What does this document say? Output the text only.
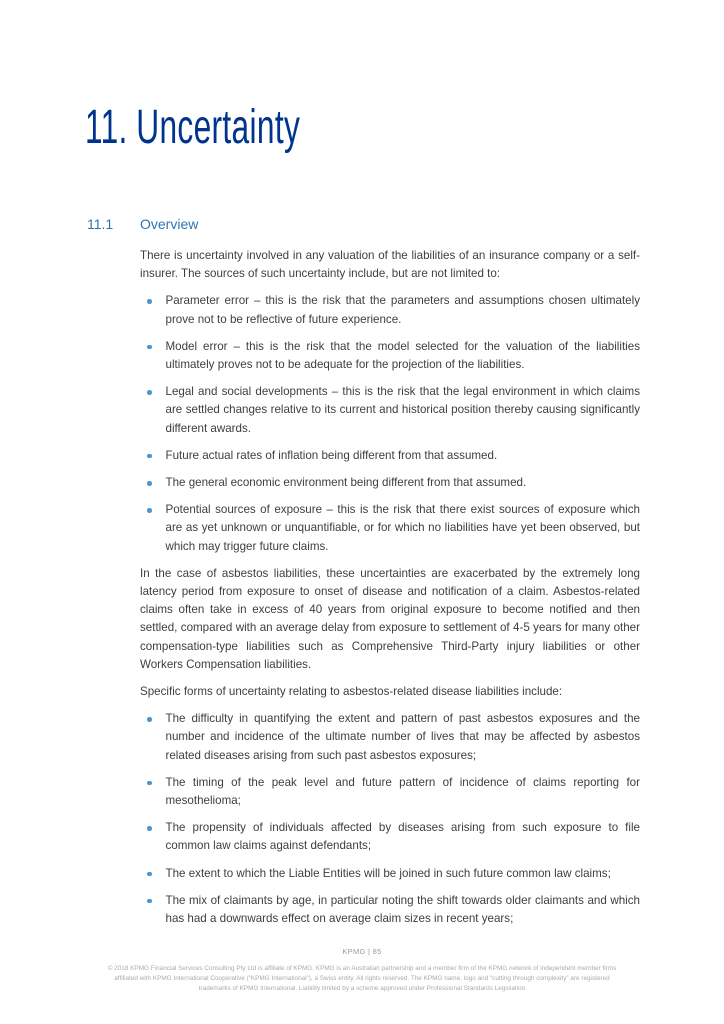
11. Uncertainty
11.1	Overview

There is uncertainty involved in any valuation of the liabilities of an insurance company or a self-insurer. The sources of such uncertainty include, but are not limited to:

Parameter error – this is the risk that the parameters and assumptions chosen ultimately prove not to be reflective of future experience.
Model error – this is the risk that the model selected for the valuation of the liabilities ultimately proves not to be adequate for the projection of the liabilities.
Legal and social developments – this is the risk that the legal environment in which claims are settled changes relative to its current and historical position thereby causing significantly different awards.
Future actual rates of inflation being different from that assumed.
The general economic environment being different from that assumed.
Potential sources of exposure – this is the risk that there exist sources of exposure which are as yet unknown or unquantifiable, or for which no liabilities have yet been observed, but which may trigger future claims.

In the case of asbestos liabilities, these uncertainties are exacerbated by the extremely long latency period from exposure to onset of disease and notification of a claim. Asbestos-related claims often take in excess of 40 years from original exposure to become notified and then settled, compared with an average delay from exposure to settlement of 4-5 years for many other compensation-type liabilities such as Comprehensive Third-Party injury liabilities or other Workers Compensation liabilities.

Specific forms of uncertainty relating to asbestos-related disease liabilities include:

The difficulty in quantifying the extent and pattern of past asbestos exposures and the number and incidence of the ultimate number of lives that may be affected by asbestos related diseases arising from such past asbestos exposures;
The timing of the peak level and future pattern of incidence of claims reporting for mesothelioma;
The propensity of individuals affected by diseases arising from such exposure to file common law claims against defendants;
The extent to which the Liable Entities will be joined in such future common law claims;
The mix of claimants by age, in particular noting the shift towards older claimants and which has had a downwards effect on average claim sizes in recent years;
KPMG | 85
© 2018 KPMG Financial Services Consulting Pty Ltd is affiliate of KPMG. KPMG is an Australian partnership and a member firm of the KPMG network of independent member firms
affiliated with KPMG International Cooperative (“KPMG International”), a Swiss entity. All rights reserved. The KPMG name, logo and “cutting through complexity” are registered
trademarks of KPMG International. Liability limited by a scheme approved under Professional Standards Legislation
